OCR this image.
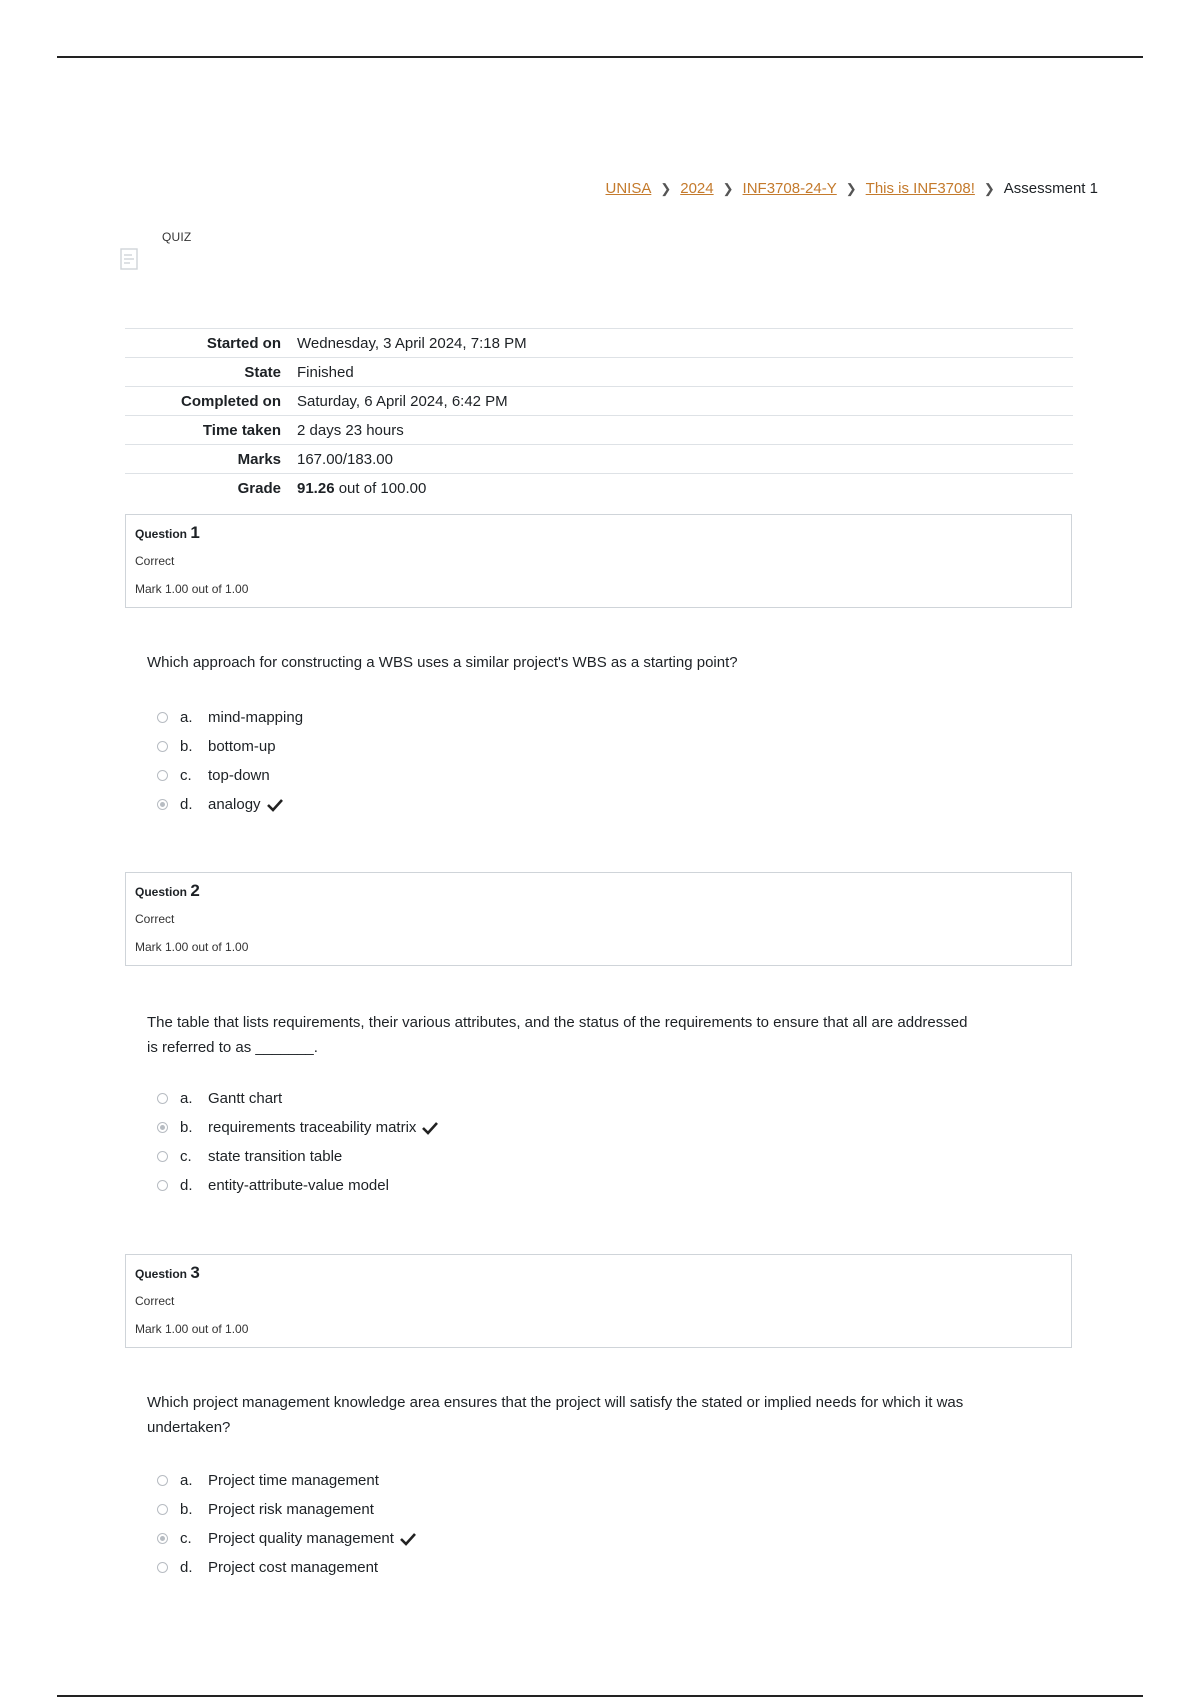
UNISA ❯ 2024 ❯ INF3708-24-Y ❯ This is INF3708! ❯ Assessment 1
QUIZ
Started on	Wednesday, 3 April 2024, 7:18 PM
State	Finished
Completed on	Saturday, 6 April 2024, 6:42 PM
Time taken	2 days 23 hours
Marks	167.00/183.00
Grade	91.26 out of 100.00
Question 1
Correct
Mark 1.00 out of 1.00
Which approach for constructing a WBS uses a similar project's WBS as a starting point?
a. mind-mapping
b. bottom-up
c. top-down
d. analogy
Question 2
Correct
Mark 1.00 out of 1.00
The table that lists requirements, their various attributes, and the status of the requirements to ensure that all are addressed
is referred to as _______.
a. Gantt chart
b. requirements traceability matrix
c. state transition table
d. entity-attribute-value model
Question 3
Correct
Mark 1.00 out of 1.00
Which project management knowledge area ensures that the project will satisfy the stated or implied needs for which it was
undertaken?
a. Project time management
b. Project risk management
c. Project quality management
d. Project cost management
